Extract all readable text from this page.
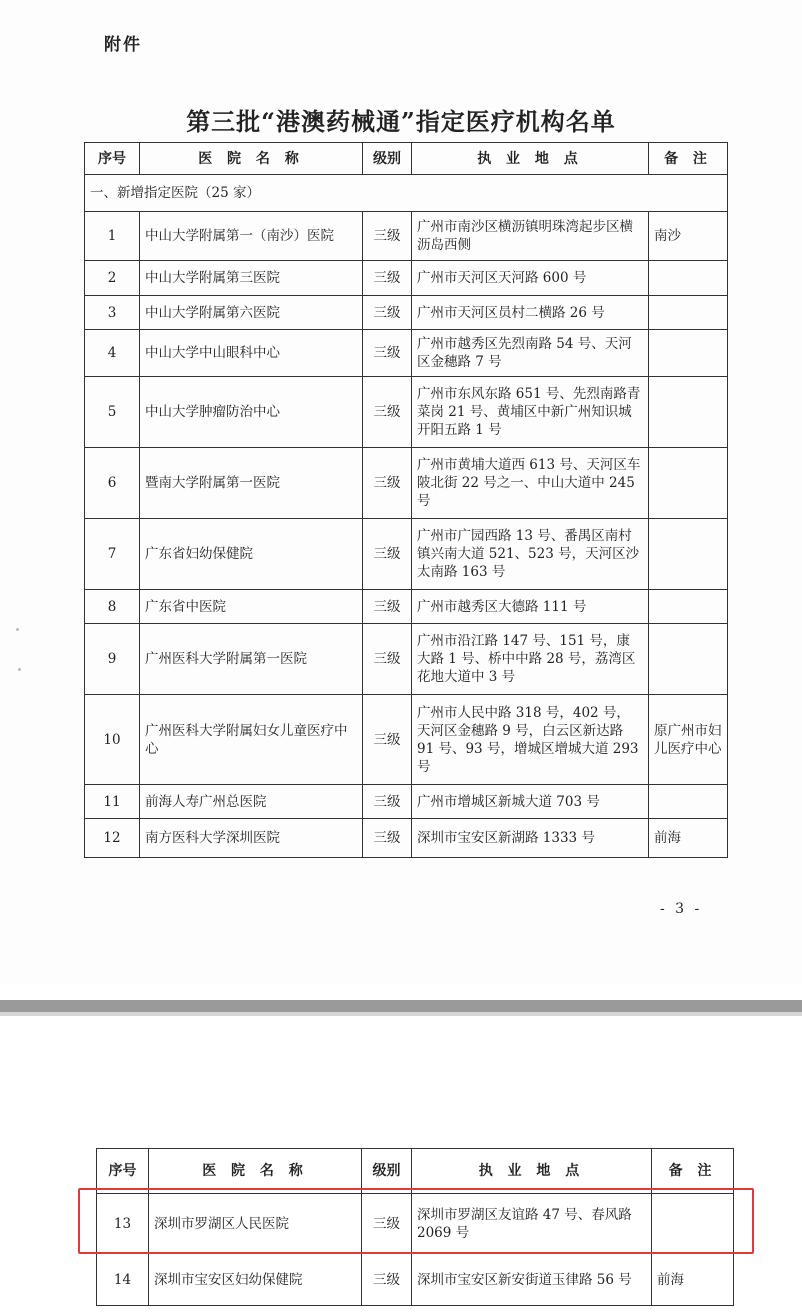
附件
第三批“港澳药械通”指定医疗机构名单
序号	医 院 名 称	级别	执 业 地 点	备 注
一、新增指定医院（25 家）				
1	中山大学附属第一（南沙）医院	三级	广州市南沙区横沥镇明珠湾起步区横沥岛西侧	南沙
2	中山大学附属第三医院	三级	广州市天河区天河路 600 号	
3	中山大学附属第六医院	三级	广州市天河区员村二横路 26 号	
4	中山大学中山眼科中心	三级	广州市越秀区先烈南路 54 号、天河区金穗路 7 号	
5	中山大学肿瘤防治中心	三级	广州市东风东路 651 号、先烈南路青菜岗 21 号、黄埔区中新广州知识城开阳五路 1 号	
6	暨南大学附属第一医院	三级	广州市黄埔大道西 613 号、天河区车陂北街 22 号之一、中山大道中 245 号	
7	广东省妇幼保健院	三级	广州市广园西路 13 号、番禺区南村镇兴南大道 521、523 号，天河区沙太南路 163 号	
8	广东省中医院	三级	广州市越秀区大德路 111 号	
9	广州医科大学附属第一医院	三级	广州市沿江路 147 号、151 号，康大路 1 号、桥中中路 28 号，荔湾区花地大道中 3 号	
10	广州医科大学附属妇女儿童医疗中心	三级	广州市人民中路 318 号，402 号，天河区金穗路 9 号，白云区新达路 91 号、93 号，增城区增城大道 293 号	原广州市妇儿医疗中心
11	前海人寿广州总医院	三级	广州市增城区新城大道 703 号	
12	南方医科大学深圳医院	三级	深圳市宝安区新湖路 1333 号	前海
- 3 -
序号	医 院 名 称	级别	执 业 地 点	备 注
13	深圳市罗湖区人民医院	三级	深圳市罗湖区友谊路 47 号、春风路 2069 号	
14	深圳市宝安区妇幼保健院	三级	深圳市宝安区新安街道玉律路 56 号	前海
